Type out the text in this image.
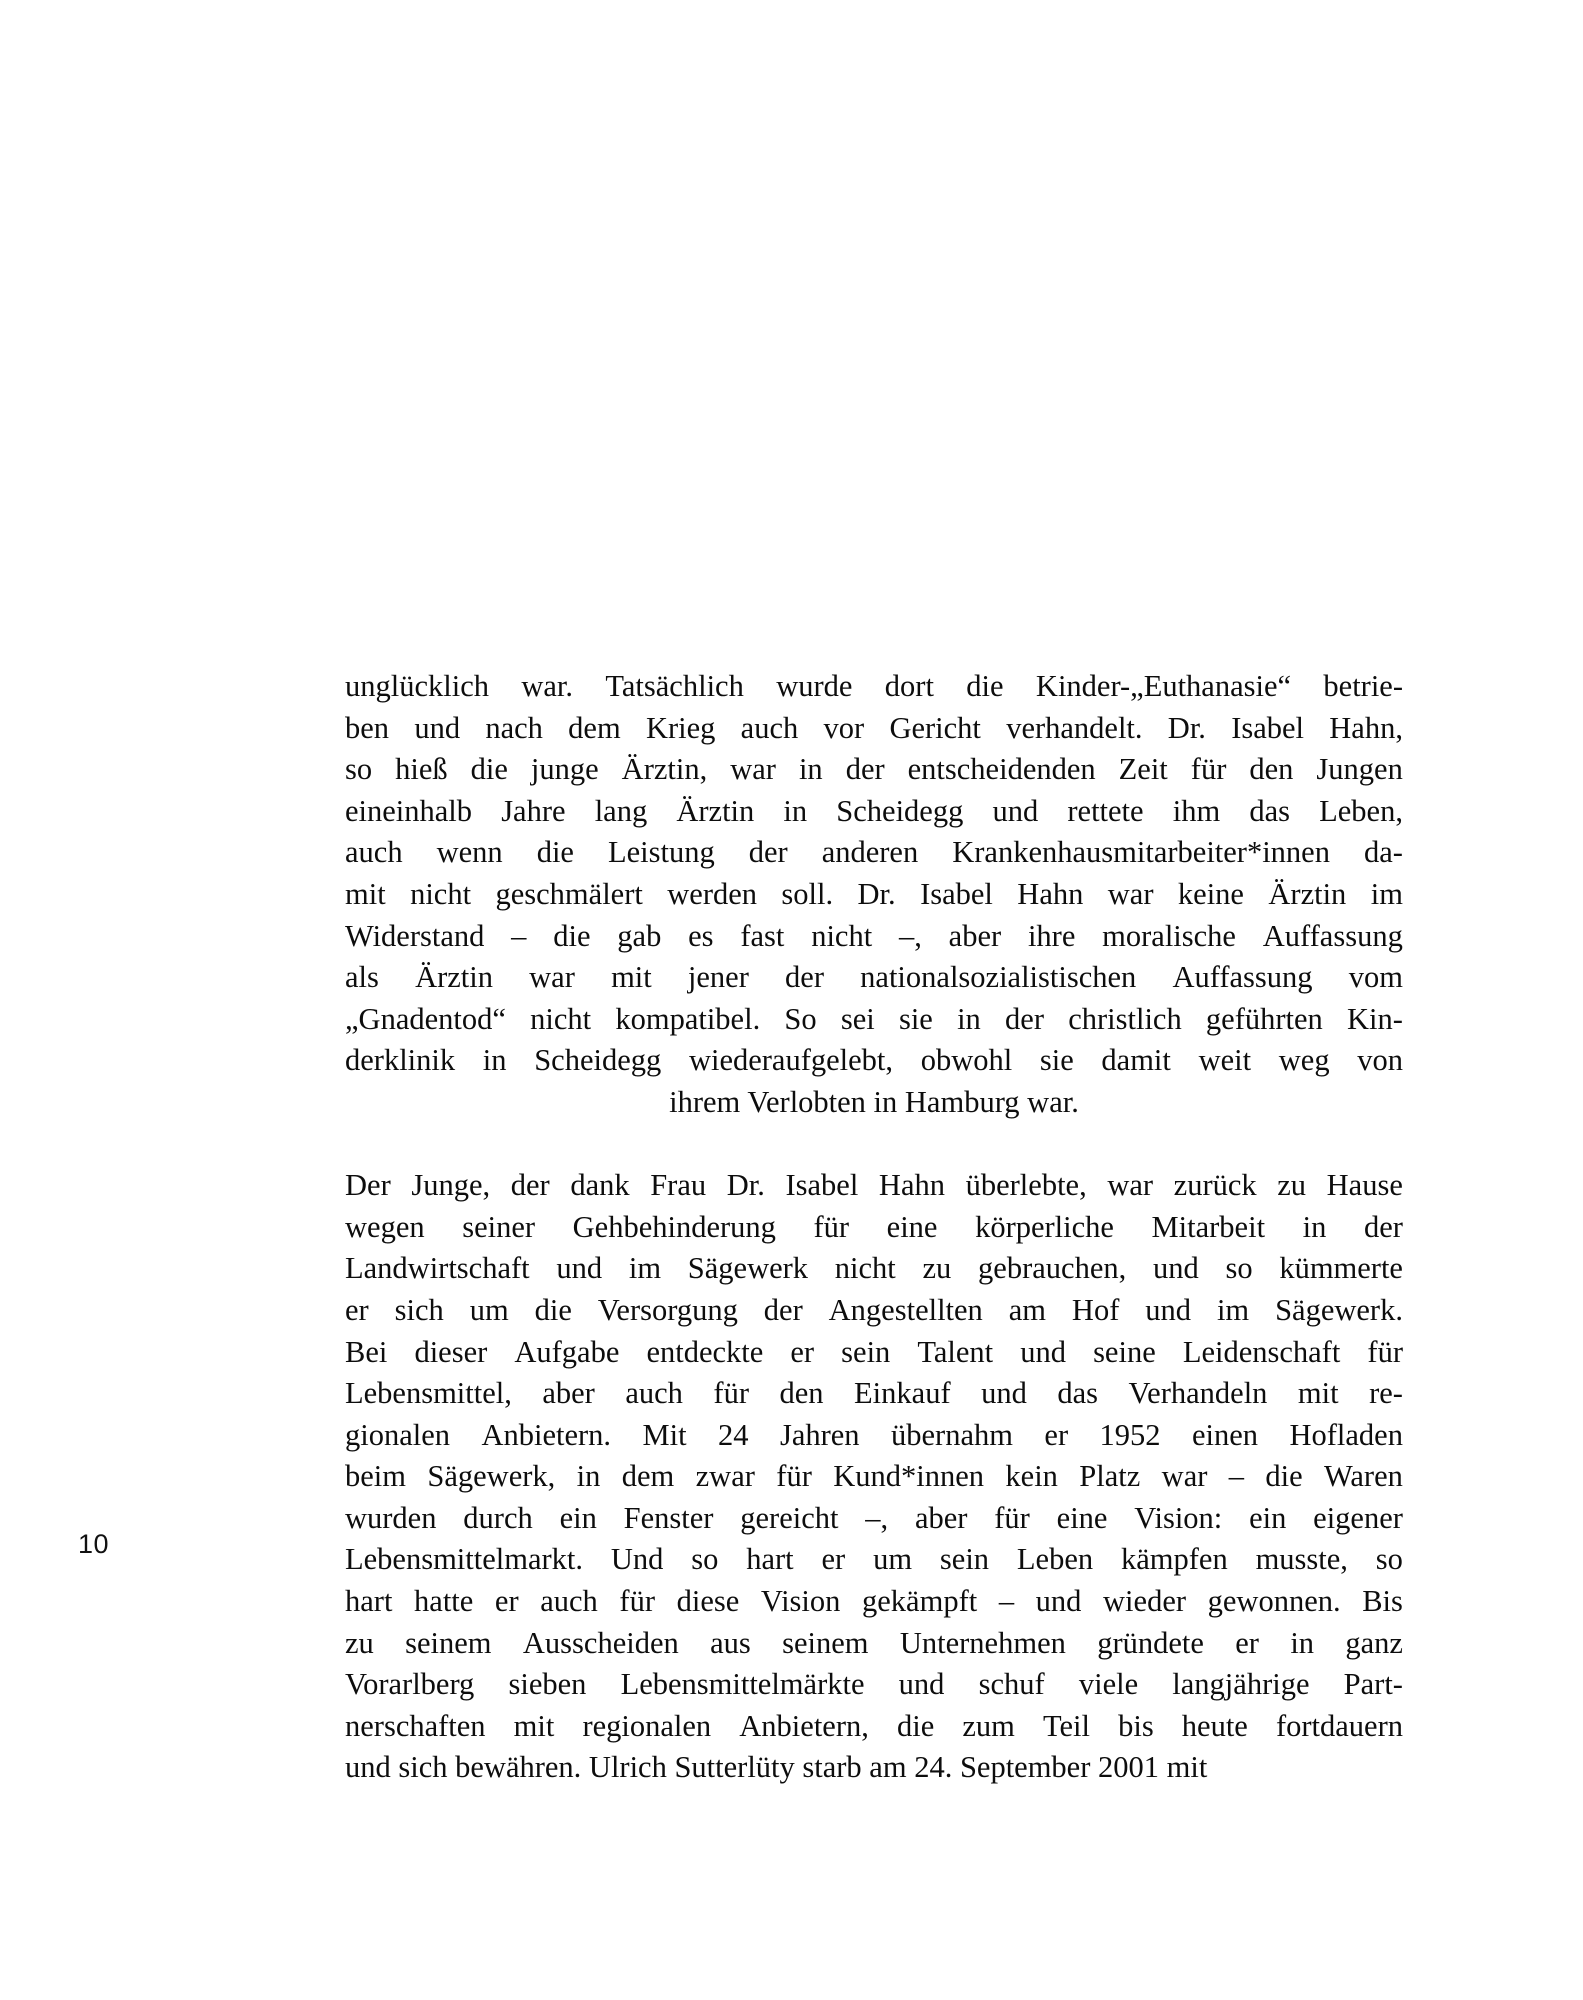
10
unglücklich war. Tatsächlich wurde dort die Kinder-„Euthanasie“ betrie-
ben und nach dem Krieg auch vor Gericht verhandelt. Dr. Isabel Hahn,
so hieß die junge Ärztin, war in der entscheidenden Zeit für den Jungen
eineinhalb Jahre lang Ärztin in Scheidegg und rettete ihm das Leben,
auch wenn die Leistung der anderen Krankenhausmitarbeiter*innen da-
mit nicht geschmälert werden soll. Dr. Isabel Hahn war keine Ärztin im
Widerstand – die gab es fast nicht –, aber ihre moralische Auffassung
als Ärztin war mit jener der nationalsozialistischen Auffassung vom
„Gnadentod“ nicht kompatibel. So sei sie in der christlich geführten Kin-
derklinik in Scheidegg wiederaufgelebt, obwohl sie damit weit weg von
ihrem Verlobten in Hamburg war.
Der Junge, der dank Frau Dr. Isabel Hahn überlebte, war zurück zu Hause
wegen seiner Gehbehinderung für eine körperliche Mitarbeit in der
Landwirtschaft und im Sägewerk nicht zu gebrauchen, und so kümmerte
er sich um die Versorgung der Angestellten am Hof und im Sägewerk.
Bei dieser Aufgabe entdeckte er sein Talent und seine Leidenschaft für
Lebensmittel, aber auch für den Einkauf und das Verhandeln mit re-
gionalen Anbietern. Mit 24 Jahren übernahm er 1952 einen Hofladen
beim Sägewerk, in dem zwar für Kund*innen kein Platz war – die Waren
wurden durch ein Fenster gereicht –, aber für eine Vision: ein eigener
Lebensmittelmarkt. Und so hart er um sein Leben kämpfen musste, so
hart hatte er auch für diese Vision gekämpft – und wieder gewonnen. Bis
zu seinem Ausscheiden aus seinem Unternehmen gründete er in ganz
Vorarlberg sieben Lebensmittelmärkte und schuf viele langjährige Part-
nerschaften mit regionalen Anbietern, die zum Teil bis heute fortdauern
und sich bewähren. Ulrich Sutterlüty starb am 24. September 2001 mit
